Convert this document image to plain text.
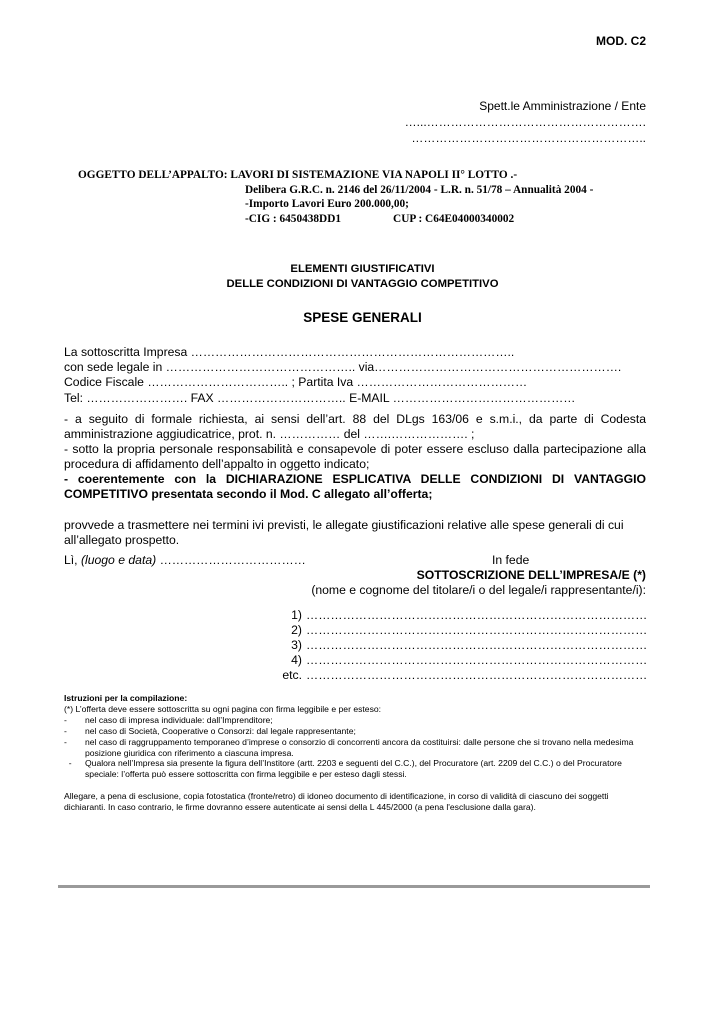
MOD. C2
Spett.le Amministrazione / Ente
…...……………………………………………….
…………………………………………………..
OGGETTO DELL’APPALTO: LAVORI DI SISTEMAZIONE VIA NAPOLI II° LOTTO .-
Delibera G.R.C. n. 2146 del 26/11/2004 - L.R. n. 51/78 – Annualità 2004 -
-Importo Lavori Euro 200.000,00;
-CIG : 6450438DD1	CUP : C64E04000340002
ELEMENTI GIUSTIFICATIVI
DELLE CONDIZIONI DI VANTAGGIO COMPETITIVO
SPESE GENERALI
La sottoscritta Impresa ……………………………………………………………………..
con sede legale in ……………………………………….. via…………………………………………………….
Codice Fiscale …………………………….. ; Partita Iva ……………………………………
Tel: ……………………. FAX ………………………….. E-MAIL ………………………………………

- a seguito di formale richiesta, ai sensi dell’art. 88 del DLgs 163/06 e s.m.i., da parte di Codesta amministrazione aggiudicatrice, prot. n. …………… del …….………………. ;

- sotto la propria personale responsabilità e consapevole di poter essere escluso dalla partecipazione alla procedura di affidamento dell’appalto in oggetto indicato;

- coerentemente con la DICHIARAZIONE ESPLICATIVA DELLE CONDIZIONI DI VANTAGGIO COMPETITIVO presentata secondo il Mod. C allegato all’offerta;

provvede a trasmettere nei termini ivi previsti, le allegate giustificazioni relative alle spese generali di cui all’allegato prospetto.

Lì, (luogo e data) ………………………………	In fede
SOTTOSCRIZIONE DELL’IMPRESA/E (*)
(nome e cognome del titolare/i o del legale/i rappresentante/i):
1) …………………………………………………………………………
2) …………………………………………………………………………
3) …………………………………………………………………………
4) …………………………………………………………………………
etc. …………………………………………………………………………

Istruzioni per la compilazione:

(*) L’offerta deve essere sottoscritta su ogni pagina con firma leggibile e per esteso:

- nel caso di impresa individuale: dall’Imprenditore;
- nel caso di Società, Cooperative o Consorzi: dal legale rappresentante;
- nel caso di raggruppamento temporaneo d’imprese o consorzio di concorrenti ancora da costituirsi: dalle persone che si trovano nella medesima posizione giuridica con riferimento a ciascuna impresa.
- Qualora nell’Impresa sia presente la figura dell’Institore (artt. 2203 e seguenti del C.C.), del Procuratore (art. 2209 del C.C.) o del Procuratore speciale: l’offerta può essere sottoscritta con firma leggibile e per esteso dagli stessi.

Allegare, a pena di esclusione, copia fotostatica (fronte/retro) di idoneo documento di identificazione, in corso di validità di ciascuno dei soggetti dichiaranti. In caso contrario, le firme dovranno essere autenticate ai sensi della L 445/2000 (a pena l'esclusione dalla gara).
